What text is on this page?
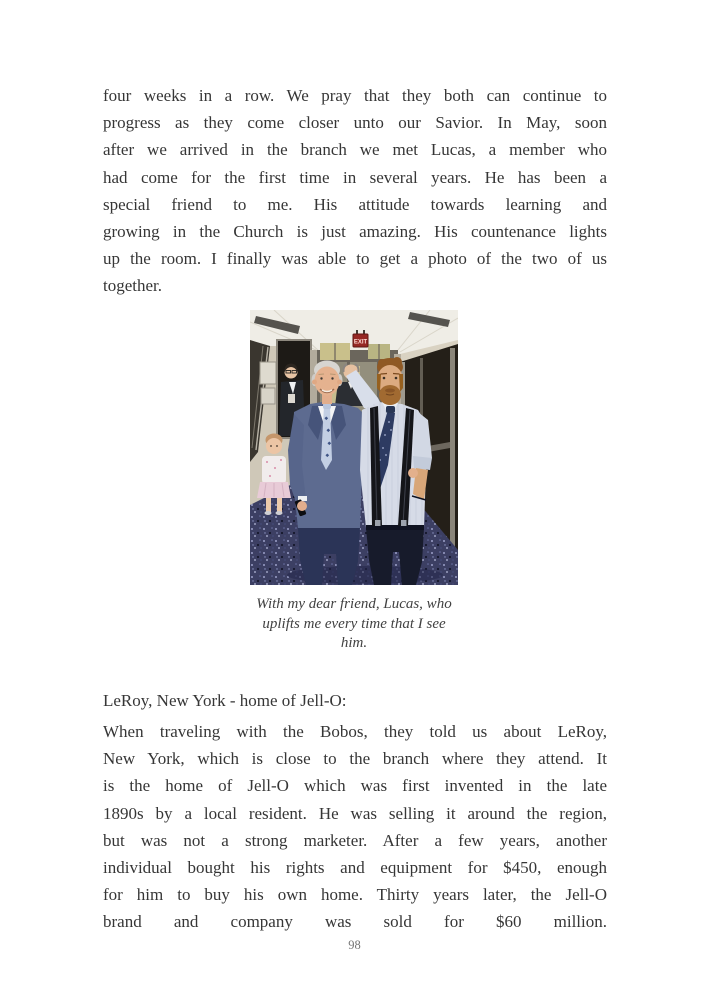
four weeks in a row. We pray that they both can continue to
progress as they come closer unto our Savior. In May, soon
after we arrived in the branch we met Lucas, a member who
had come for the first time in several years. He has been a
special friend to me. His attitude towards learning and
growing in the Church is just amazing. His countenance lights
up the room. I finally was able to get a photo of the two of us
together.
EXIT
With my dear friend, Lucas, who
uplifts me every time that I see
him.
LeRoy, New York - home of Jell-O:
When traveling with the Bobos, they told us about LeRoy,
New York, which is close to the branch where they attend. It
is the home of Jell-O which was first invented in the late
1890s by a local resident. He was selling it around the region,
but was not a strong marketer. After a few years, another
individual bought his rights and equipment for $450, enough
for him to buy his own home. Thirty years later, the Jell-O
brand and company was sold for $60 million.
98
